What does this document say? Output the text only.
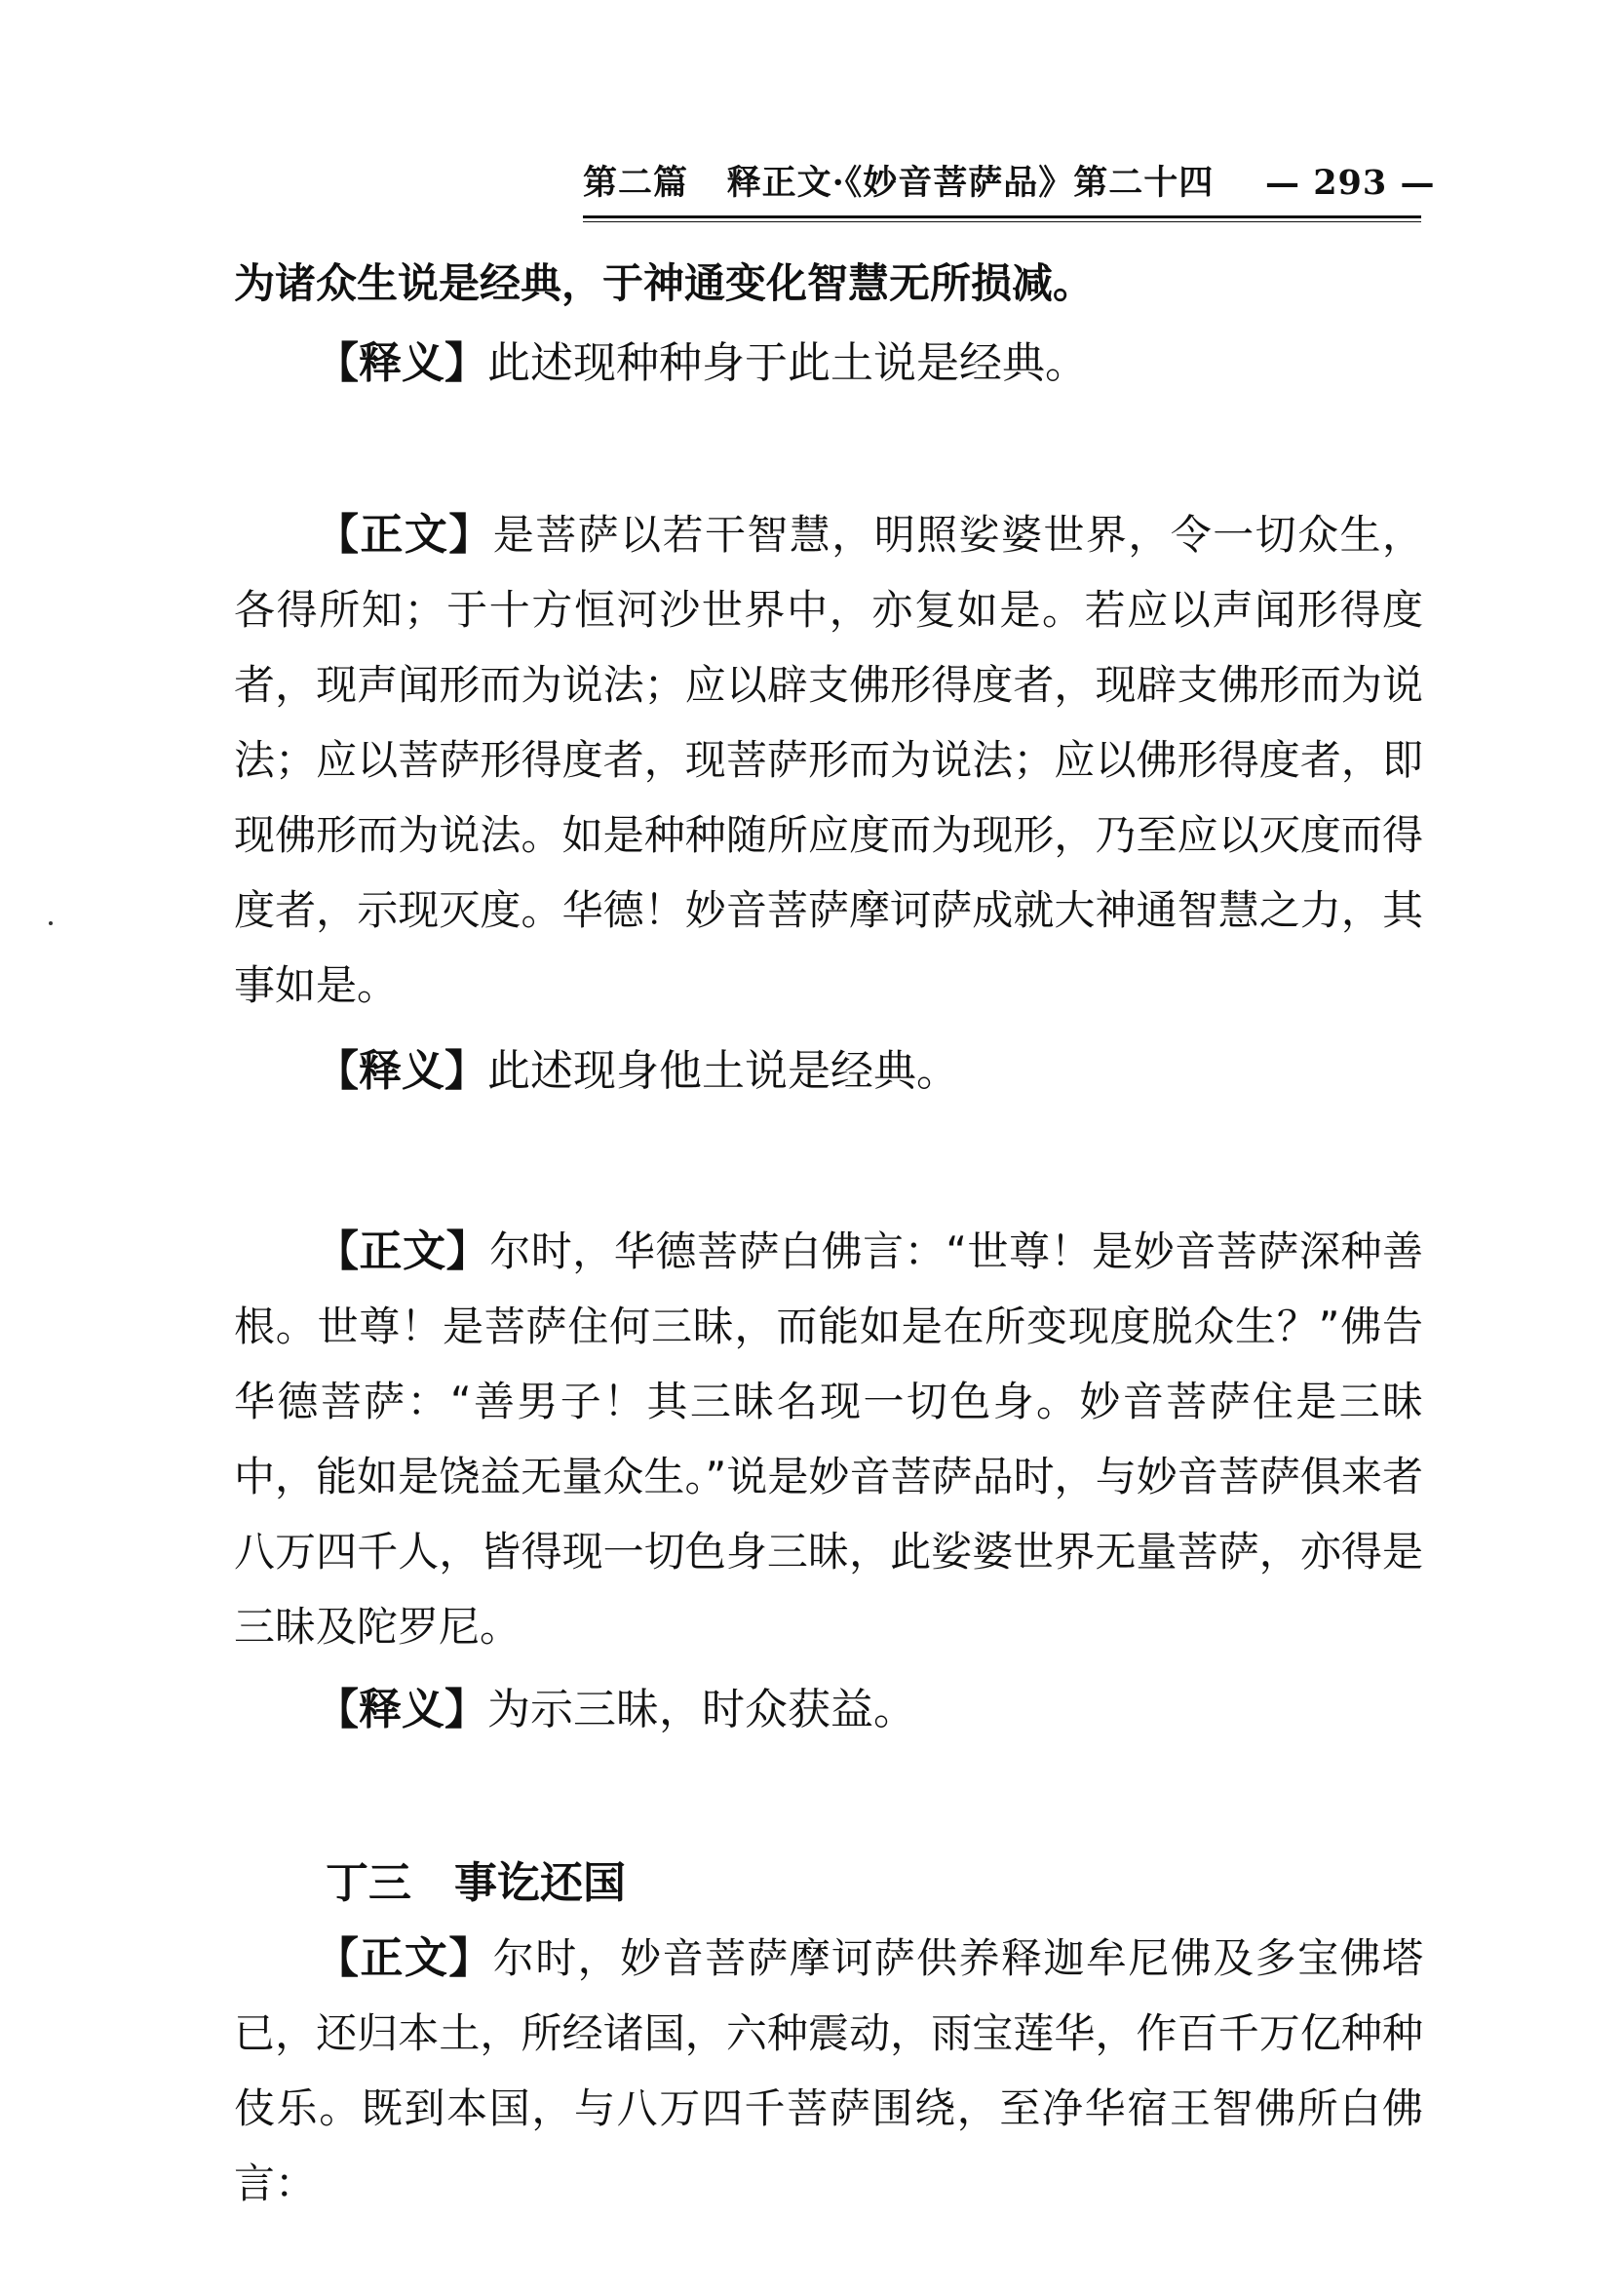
第二篇 释正文·《妙音菩萨品》第二十四 — 293 —

为诸众生说是经典，于神通变化智慧无所损减。

【释义】此述现种种身于此土说是经典。

【正文】是菩萨以若干智慧，明照娑婆世界，令一切众生，各得所知；于十方恒河沙世界中，亦复如是。若应以声闻形得度者，现声闻形而为说法；应以辟支佛形得度者，现辟支佛形而为说法；应以菩萨形得度者，现菩萨形而为说法；应以佛形得度者，即现佛形而为说法。如是种种随所应度而为现形，乃至应以灭度而得度者，示现灭度。华德！妙音菩萨摩诃萨成就大神通智慧之力，其事如是。

【释义】此述现身他土说是经典。

【正文】尔时，华德菩萨白佛言：“世尊！是妙音菩萨深种善根。世尊！是菩萨住何三昧，而能如是在所变现度脱众生？”佛告华德菩萨：“善男子！其三昧名现一切色身。妙音菩萨住是三昧中，能如是饶益无量众生。”说是妙音菩萨品时，与妙音菩萨俱来者八万四千人，皆得现一切色身三昧，此娑婆世界无量菩萨，亦得是三昧及陀罗尼。

【释义】为示三昧，时众获益。

丁三　事讫还国

【正文】尔时，妙音菩萨摩诃萨供养释迦牟尼佛及多宝佛塔已，还归本土，所经诸国，六种震动，雨宝莲华，作百千万亿种种伎乐。既到本国，与八万四千菩萨围绕，至净华宿王智佛所白佛言：
